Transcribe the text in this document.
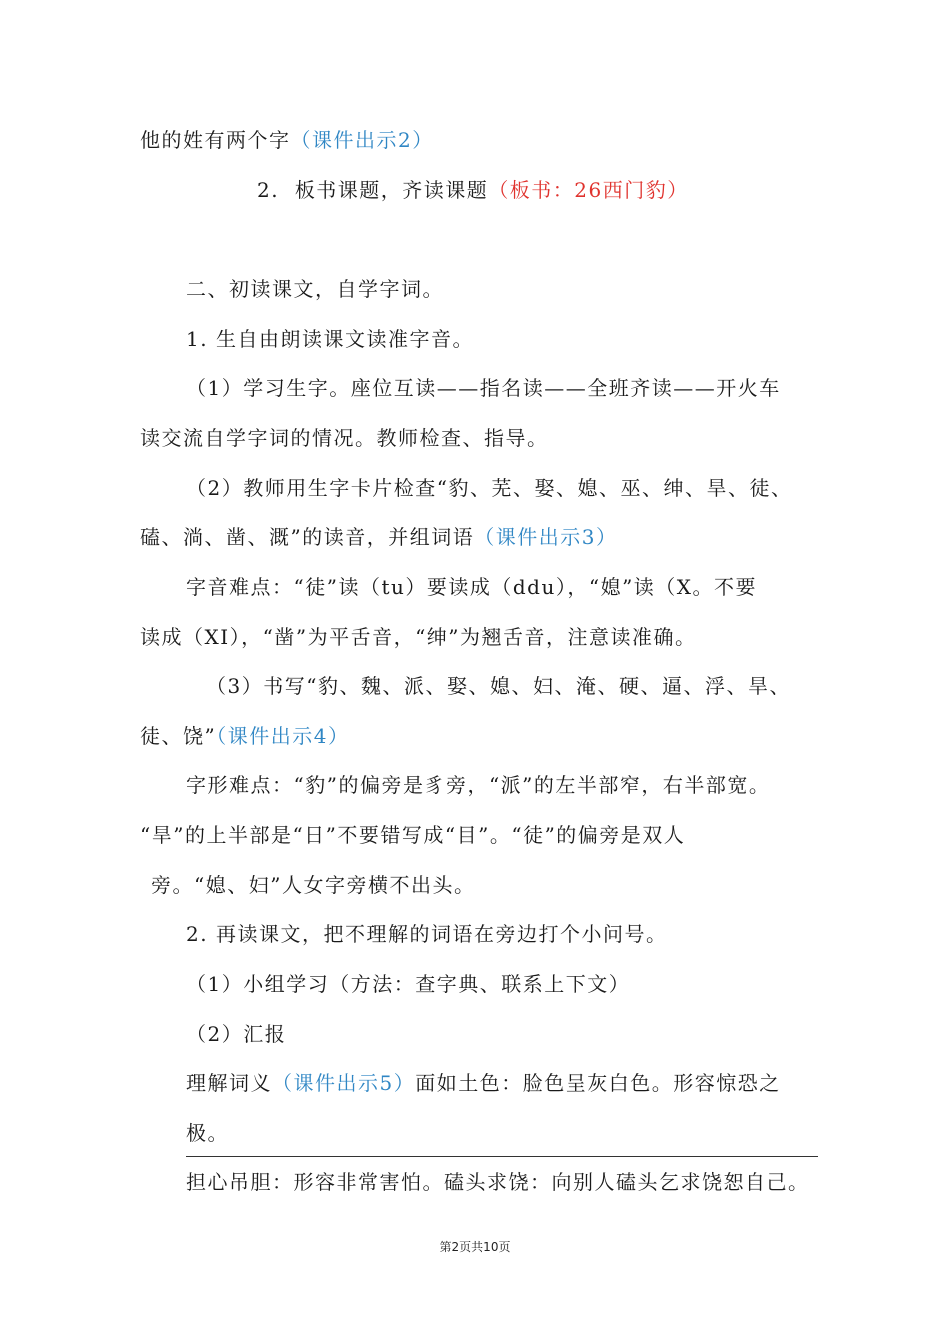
他的姓有两个字（课件出示2）
2. 板书课题，齐读课题（板书：26西门豹）
二、初读课文，自学字词。
1. 生自由朗读课文读准字音。
（1）学习生字。座位互读——指名读——全班齐读——开火车
读交流自学字词的情况。教师检查、指导。
（2）教师用生字卡片检查“豹、芜、娶、媳、巫、绅、旱、徒、
磕、淌、凿、溉”的读音，并组词语（课件出示3）
字音难点：“徒”读（tu）要读成（ddu），“媳”读（X。不要
读成（XI），“凿”为平舌音，“绅”为翘舌音，注意读准确。
（3）书写“豹、魏、派、娶、媳、妇、淹、硬、逼、浮、旱、
徒、饶”（课件出示4）
字形难点：“豹”的偏旁是豸旁，“派”的左半部窄，右半部宽。
“旱”的上半部是“日”不要错写成“目”。“徒”的偏旁是双人
旁。“媳、妇”人女字旁横不出头。
2. 再读课文，把不理解的词语在旁边打个小问号。
（1）小组学习（方法：查字典、联系上下文）
（2）汇报
理解词义（课件出示5）面如土色：脸色呈灰白色。形容惊恐之
极。
担心吊胆：形容非常害怕。磕头求饶：向别人磕头乞求饶恕自己。
第2页共10页
